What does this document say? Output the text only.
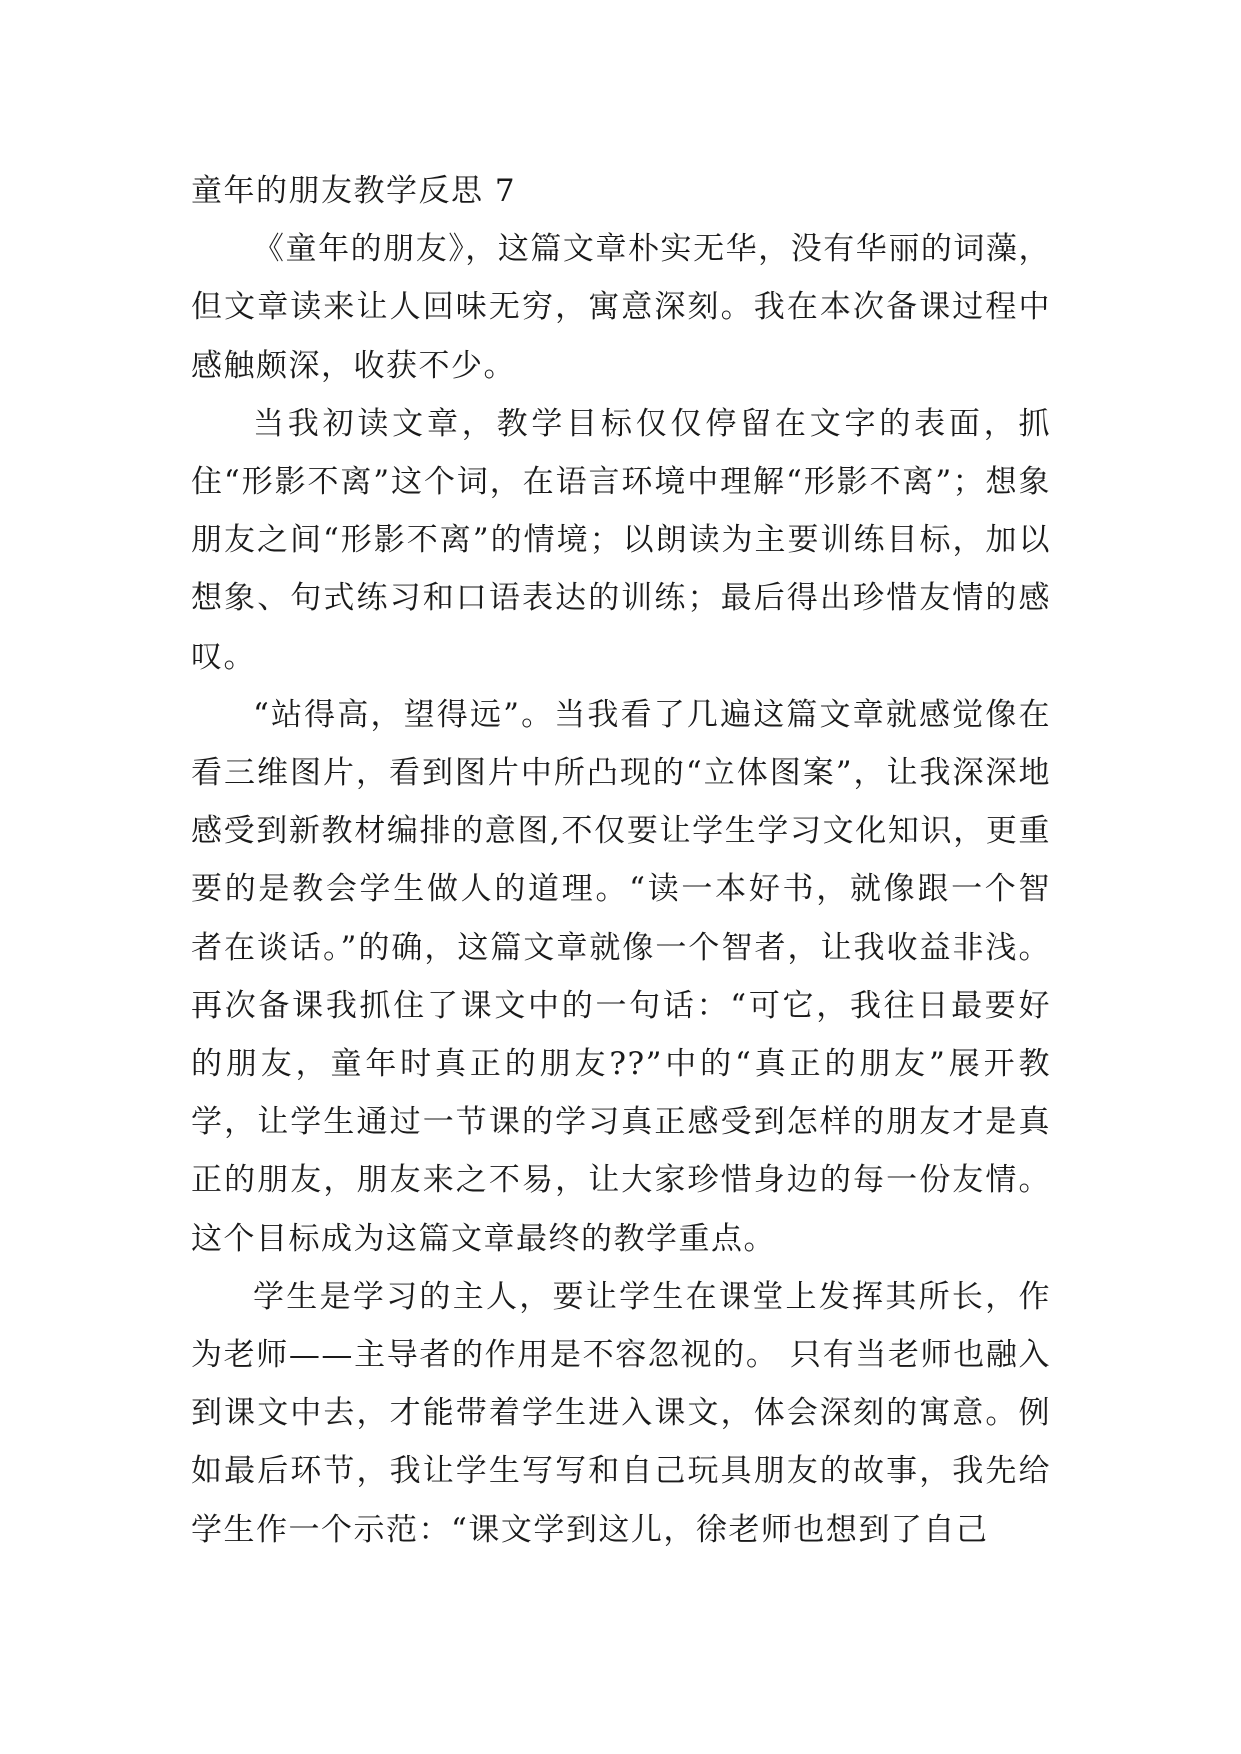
童年的朋友教学反思 7

《童年的朋友》，这篇文章朴实无华，没有华丽的词藻，但文章读来让人回味无穷，寓意深刻。我在本次备课过程中感触颇深，收获不少。

当我初读文章，教学目标仅仅停留在文字的表面，抓住“形影不离”这个词，在语言环境中理解“形影不离”；想象朋友之间“形影不离”的情境；以朗读为主要训练目标，加以想象、句式练习和口语表达的训练；最后得出珍惜友情的感叹。

“站得高，望得远”。当我看了几遍这篇文章就感觉像在看三维图片，看到图片中所凸现的“立体图案”，让我深深地感受到新教材编排的意图,不仅要让学生学习文化知识，更重要的是教会学生做人的道理。“读一本好书，就像跟一个智者在谈话。”的确，这篇文章就像一个智者，让我收益非浅。再次备课我抓住了课文中的一句话：“可它，我往日最要好的朋友，童年时真正的朋友??”中的“真正的朋友”展开教学，让学生通过一节课的学习真正感受到怎样的朋友才是真正的朋友，朋友来之不易，让大家珍惜身边的每一份友情。这个目标成为这篇文章最终的教学重点。

学生是学习的主人，要让学生在课堂上发挥其所长，作为老师——主导者的作用是不容忽视的。 只有当老师也融入到课文中去，才能带着学生进入课文，体会深刻的寓意。例如最后环节，我让学生写写和自己玩具朋友的故事，我先给学生作一个示范：“课文学到这儿，徐老师也想到了自己
